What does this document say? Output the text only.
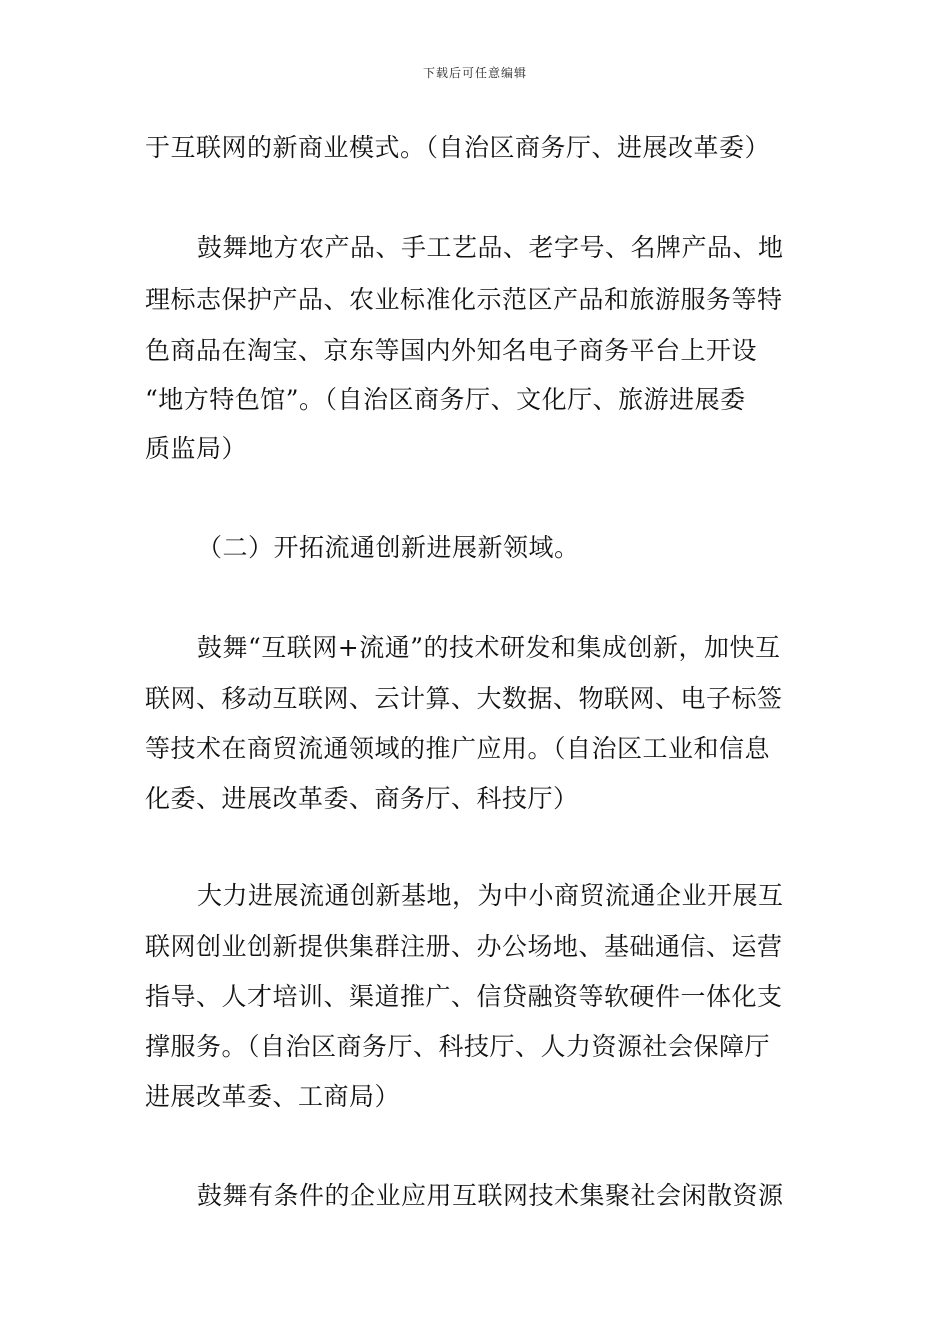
下载后可任意编辑
于互联网的新商业模式。（自治区商务厅、进展改革委）
鼓舞地方农产品、手工艺品、老字号、名牌产品、地
理标志保护产品、农业标准化示范区产品和旅游服务等特
色商品在淘宝、京东等国内外知名电子商务平台上开设
“地方特色馆”。（自治区商务厅、文化厅、旅游进展委
质监局）
（二）开拓流通创新进展新领域。
鼓舞“互联网+流通”的技术研发和集成创新，加快互
联网、移动互联网、云计算、大数据、物联网、电子标签
等技术在商贸流通领域的推广应用。（自治区工业和信息
化委、进展改革委、商务厅、科技厅）
大力进展流通创新基地，为中小商贸流通企业开展互
联网创业创新提供集群注册、办公场地、基础通信、运营
指导、人才培训、渠道推广、信贷融资等软硬件一体化支
撑服务。（自治区商务厅、科技厅、人力资源社会保障厅
进展改革委、工商局）
鼓舞有条件的企业应用互联网技术集聚社会闲散资源
